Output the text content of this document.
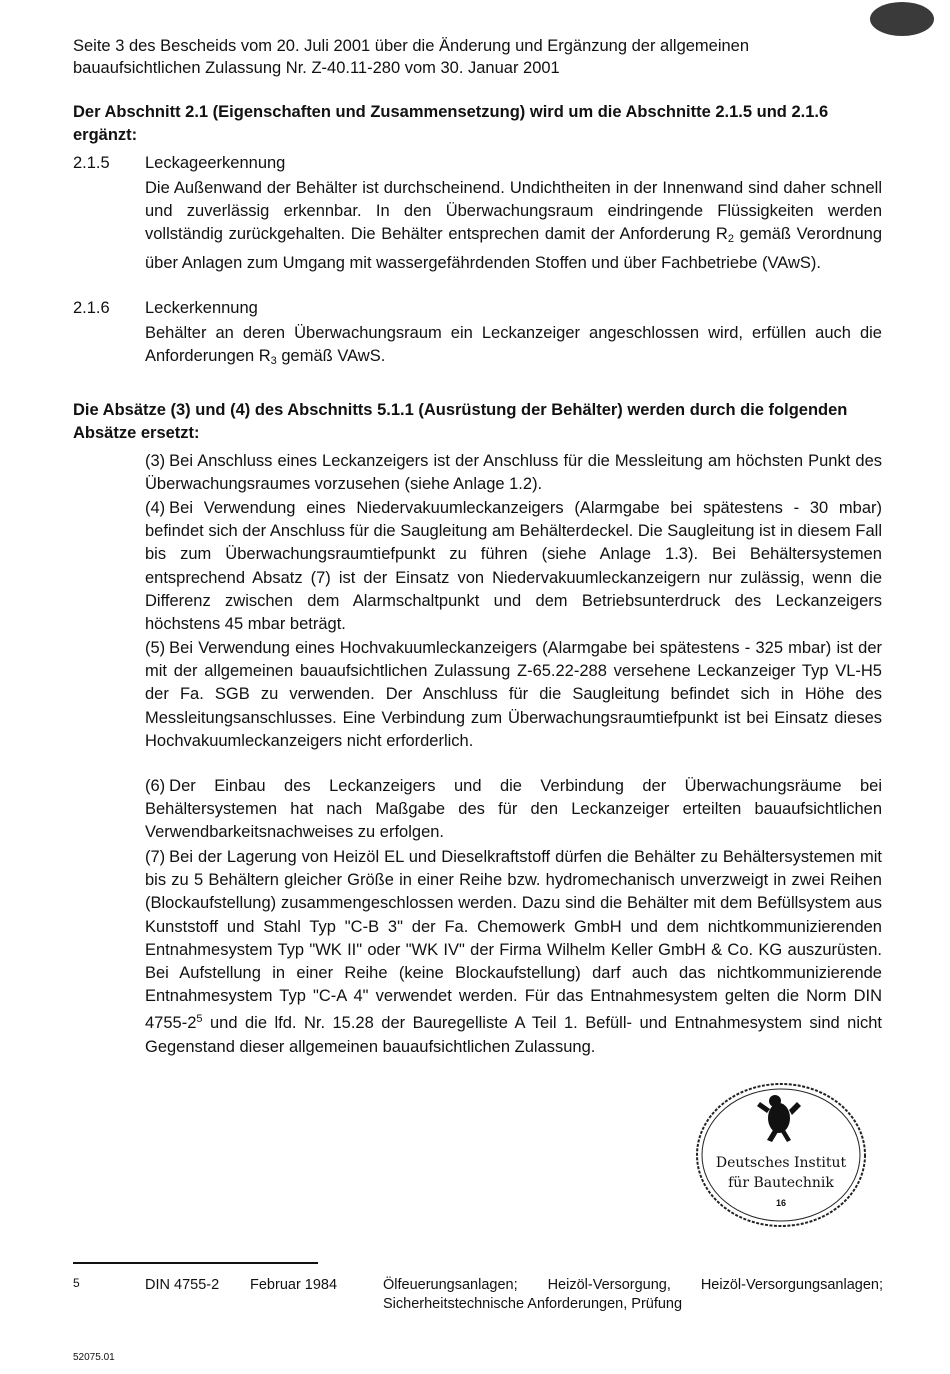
Seite 3 des Bescheids vom 20. Juli 2001 über die Änderung und Ergänzung der allgemeinen
bauaufsichtlichen Zulassung Nr. Z-40.11-280 vom 30. Januar 2001
Der Abschnitt 2.1 (Eigenschaften und Zusammensetzung) wird um die Abschnitte 2.1.5 und 2.1.6 ergänzt:
2.1.5 Leckageerkennung
Die Außenwand der Behälter ist durchscheinend. Undichtheiten in der Innenwand sind daher schnell und zuverlässig erkennbar. In den Überwachungsraum eindringende Flüssigkeiten werden vollständig zurückgehalten. Die Behälter entsprechen damit der Anforderung $R_2$ gemäß Verordnung über Anlagen zum Umgang mit wassergefährdenden Stoffen und über Fachbetriebe (VAwS).
2.1.6 Leckerkennung
Behälter an deren Überwachungsraum ein Leckanzeiger angeschlossen wird, erfüllen auch die Anforderungen $R_3$ gemäß VAwS.
Die Absätze (3) und (4) des Abschnitts 5.1.1 (Ausrüstung der Behälter) werden durch die folgenden Absätze ersetzt:
(3) Bei Anschluss eines Leckanzeigers ist der Anschluss für die Messleitung am höchsten Punkt des Überwachungsraumes vorzusehen (siehe Anlage 1.2).
(4) Bei Verwendung eines Niedervakuumleckanzeigers (Alarmgabe bei spätestens - 30 mbar) befindet sich der Anschluss für die Saugleitung am Behälterdeckel. Die Saugleitung ist in diesem Fall bis zum Überwachungsraumtiefpunkt zu führen (siehe Anlage 1.3). Bei Behältersystemen entsprechend Absatz (7) ist der Einsatz von Niedervakuumleckanzeigern nur zulässig, wenn die Differenz zwischen dem Alarmschaltpunkt und dem Betriebsunterdruck des Leckanzeigers höchstens 45 mbar beträgt.
(5) Bei Verwendung eines Hochvakuumleckanzeigers (Alarmgabe bei spätestens - 325 mbar) ist der mit der allgemeinen bauaufsichtlichen Zulassung Z-65.22-288 versehene Leckanzeiger Typ VL-H5 der Fa. SGB zu verwenden. Der Anschluss für die Saugleitung befindet sich in Höhe des Messleitungsanschlusses. Eine Verbindung zum Überwachungsraumtiefpunkt ist bei Einsatz dieses Hochvakuumleckanzeigers nicht erforderlich.
(6) Der Einbau des Leckanzeigers und die Verbindung der Überwachungsräume bei Behältersystemen hat nach Maßgabe des für den Leckanzeiger erteilten bauaufsichtlichen Verwendbarkeitsnachweises zu erfolgen.
(7) Bei der Lagerung von Heizöl EL und Dieselkraftstoff dürfen die Behälter zu Behältersystemen mit bis zu 5 Behältern gleicher Größe in einer Reihe bzw. hydromechanisch unverzweigt in zwei Reihen (Blockaufstellung) zusammengeschlossen werden. Dazu sind die Behälter mit dem Befüllsystem aus Kunststoff und Stahl Typ "C-B 3" der Fa. Chemowerk GmbH und dem nichtkommunizierenden Entnahmesystem Typ "WK II" oder "WK IV" der Firma Wilhelm Keller GmbH & Co. KG auszurüsten. Bei Aufstellung in einer Reihe (keine Blockaufstellung) darf auch das nichtkommunizierende Entnahmesystem Typ "C-A 4" verwendet werden. Für das Entnahmesystem gelten die Norm DIN $4755-2^5$ und die lfd. Nr. 15.28 der Bauregelliste A Teil 1. Befüll- und Entnahmesystem sind nicht Gegenstand dieser allgemeinen bauaufsichtlichen Zulassung.
Deutsches Institut
für Bautechnik
16
5	DIN 4755-2 Februar 1984	Ölfeuerungsanlagen; Heizöl-Versorgung, Heizöl-Versorgungsanlagen;
Sicherheitstechnische Anforderungen, Prüfung
52075.01
